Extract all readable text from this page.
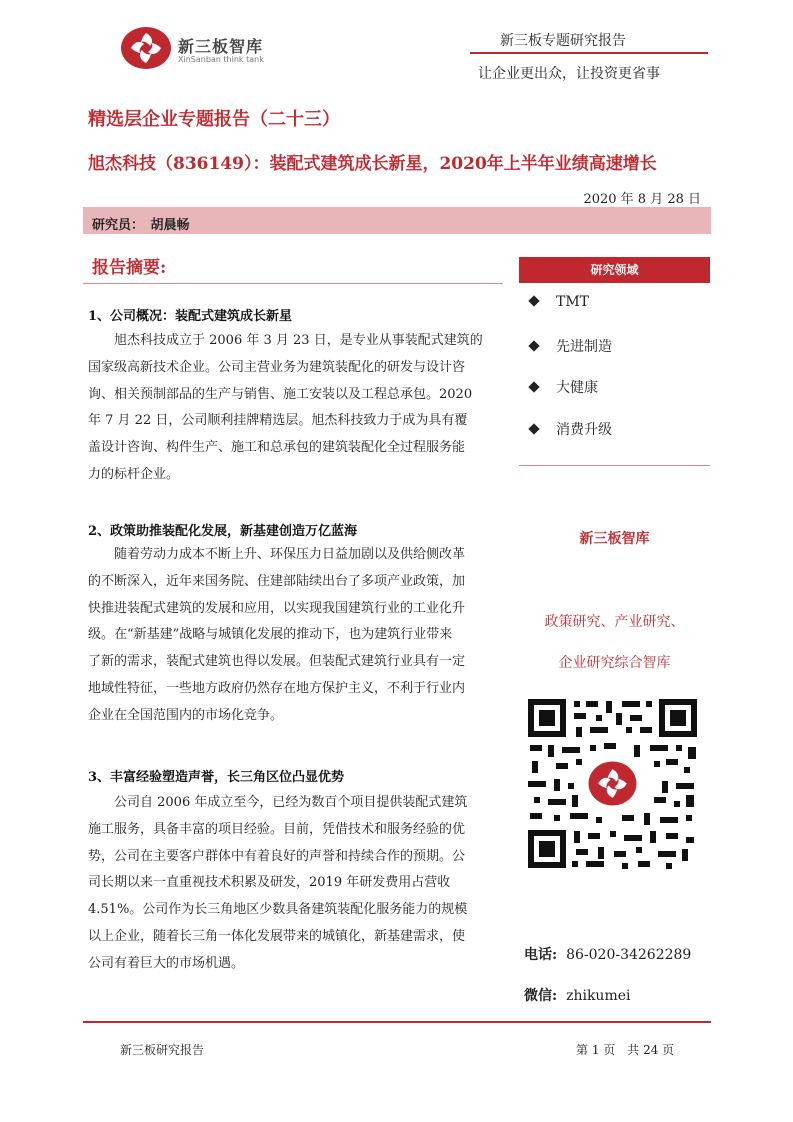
新三板智库
XinSanban think tank
新三板专题研究报告
让企业更出众，让投资更省事
精选层企业专题报告（二十三）
旭杰科技（836149）：装配式建筑成长新星，2020年上半年业绩高速增长
2020 年 8 月 28 日
研究员：　胡晨畅
报告摘要:
1、公司概况：装配式建筑成长新星
旭杰科技成立于 2006 年 3 月 23 日，是专业从事装配式建筑的
国家级高新技术企业。公司主营业务为建筑装配化的研发与设计咨
询、相关预制部品的生产与销售、施工安装以及工程总承包。2020
年 7 月 22 日，公司顺利挂牌精选层。旭杰科技致力于成为具有覆
盖设计咨询、构件生产、施工和总承包的建筑装配化全过程服务能
力的标杆企业。
2、政策助推装配化发展，新基建创造万亿蓝海
随着劳动力成本不断上升、环保压力日益加剧以及供给侧改革
的不断深入，近年来国务院、住建部陆续出台了多项产业政策，加
快推进装配式建筑的发展和应用，以实现我国建筑行业的工业化升
级。在“新基建”战略与城镇化发展的推动下，也为建筑行业带来
了新的需求，装配式建筑也得以发展。但装配式建筑行业具有一定
地域性特征，一些地方政府仍然存在地方保护主义，不利于行业内
企业在全国范围内的市场化竞争。
3、丰富经验塑造声誉，长三角区位凸显优势
公司自 2006 年成立至今，已经为数百个项目提供装配式建筑
施工服务，具备丰富的项目经验。目前，凭借技术和服务经验的优
势，公司在主要客户群体中有着良好的声誉和持续合作的预期。公
司长期以来一直重视技术积累及研发，2019 年研发费用占营收
4.51%。公司作为长三角地区少数具备建筑装配化服务能力的规模
以上企业，随着长三角一体化发展带来的城镇化，新基建需求，使
公司有着巨大的市场机遇。
研究领域
TMT
先进制造
大健康
消费升级
新三板智库
政策研究、产业研究、
企业研究综合智库
电话: 86-020-34262289
微信: zhikumei
新三板研究报告	第 1 页　共 24 页
